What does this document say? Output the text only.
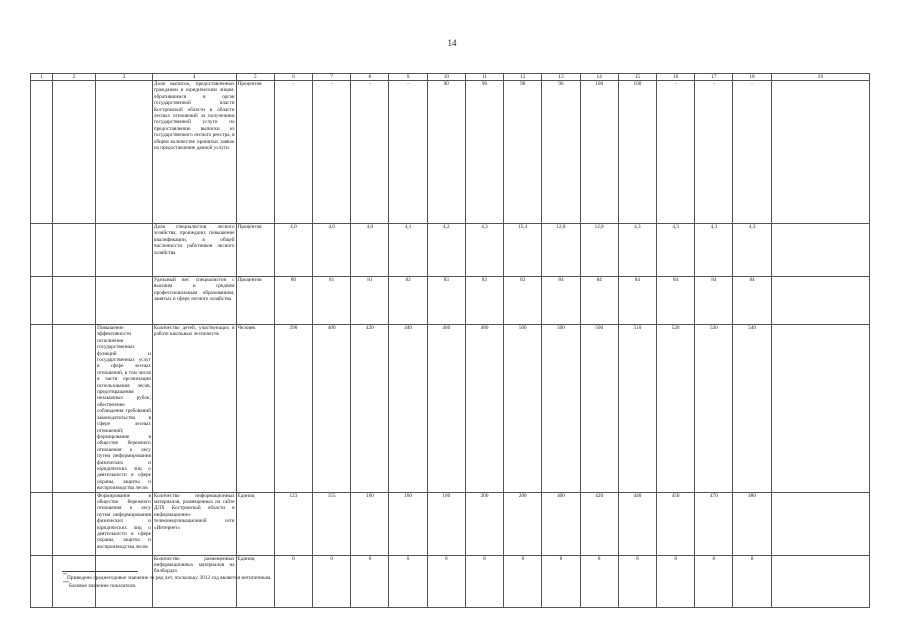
14
1	2	3	4	5	6	7	8	9	10	11	12	13	14	15	16	17	18	19
			Доля выписок, предоставленных гражданам и юридическим лицам, обратившимся в орган государственной власти Костромской области в области лесных отношений за получением государственной услуги по предоставлению выписки из государственного лесного реестра, в общем количестве принятых заявок на предоставление данной услуги	Процентов	-	-	-	-	90	90	90	90	100	100	-	-	-	
			Доля специалистов лесного хозяйства, прошедших повышение квалификации, в общей численности работников лесного хозяйства	Процентов	4,0	4,0	4,0	4,1	4,2	4,3	15,4	12,8	12,8	4,3	4,3	4,3	4,3	
			Удельный вес специалистов с высшим и средним профессиональным образованием, занятых в сфере лесного хозяйства	Процентов	80	81	81	82	83	83	83	84	84	84	84	84	84	
		Повышение эффективности исполнения государственных функций и государственных услуг в сфере лесных отношений, в том числе в части организации использования лесов, предотвращения незаконных рубок; обеспечение соблюдения требований законодательства в сфере лесных отношений; формирование в обществе бережного отношения к лесу путем информирования физических и юридических лиц о деятельности в сфере охраны, защиты и воспроизводства лесов	Количество детей, участвующих в работе школьных лесничеств	Человек	390	400	420	440	460	480	500	500	500	510	520	530	540	
		Формирование в обществе бережного отношения к лесу путем информирования физических и юридических лиц о деятельности в сфере охраны, защиты и воспроизводства лесов	Количество информационных материалов, размещенных на сайте ДЛХ Костромской области в информационно-телекоммуникационной сети «Интернет»	Единиц	123	155	160	160	160	200	200	400	420	440	450	470	480	
			Количество размещенных информационных материалов на билбордах	Единиц	0	0	0	0	0	8	8	8	8	8	8	8	8	
**Приведено среднегодовое значение за ряд лет, поскольку 2012 год является нетипичным.
***Базовое значение показателя.
